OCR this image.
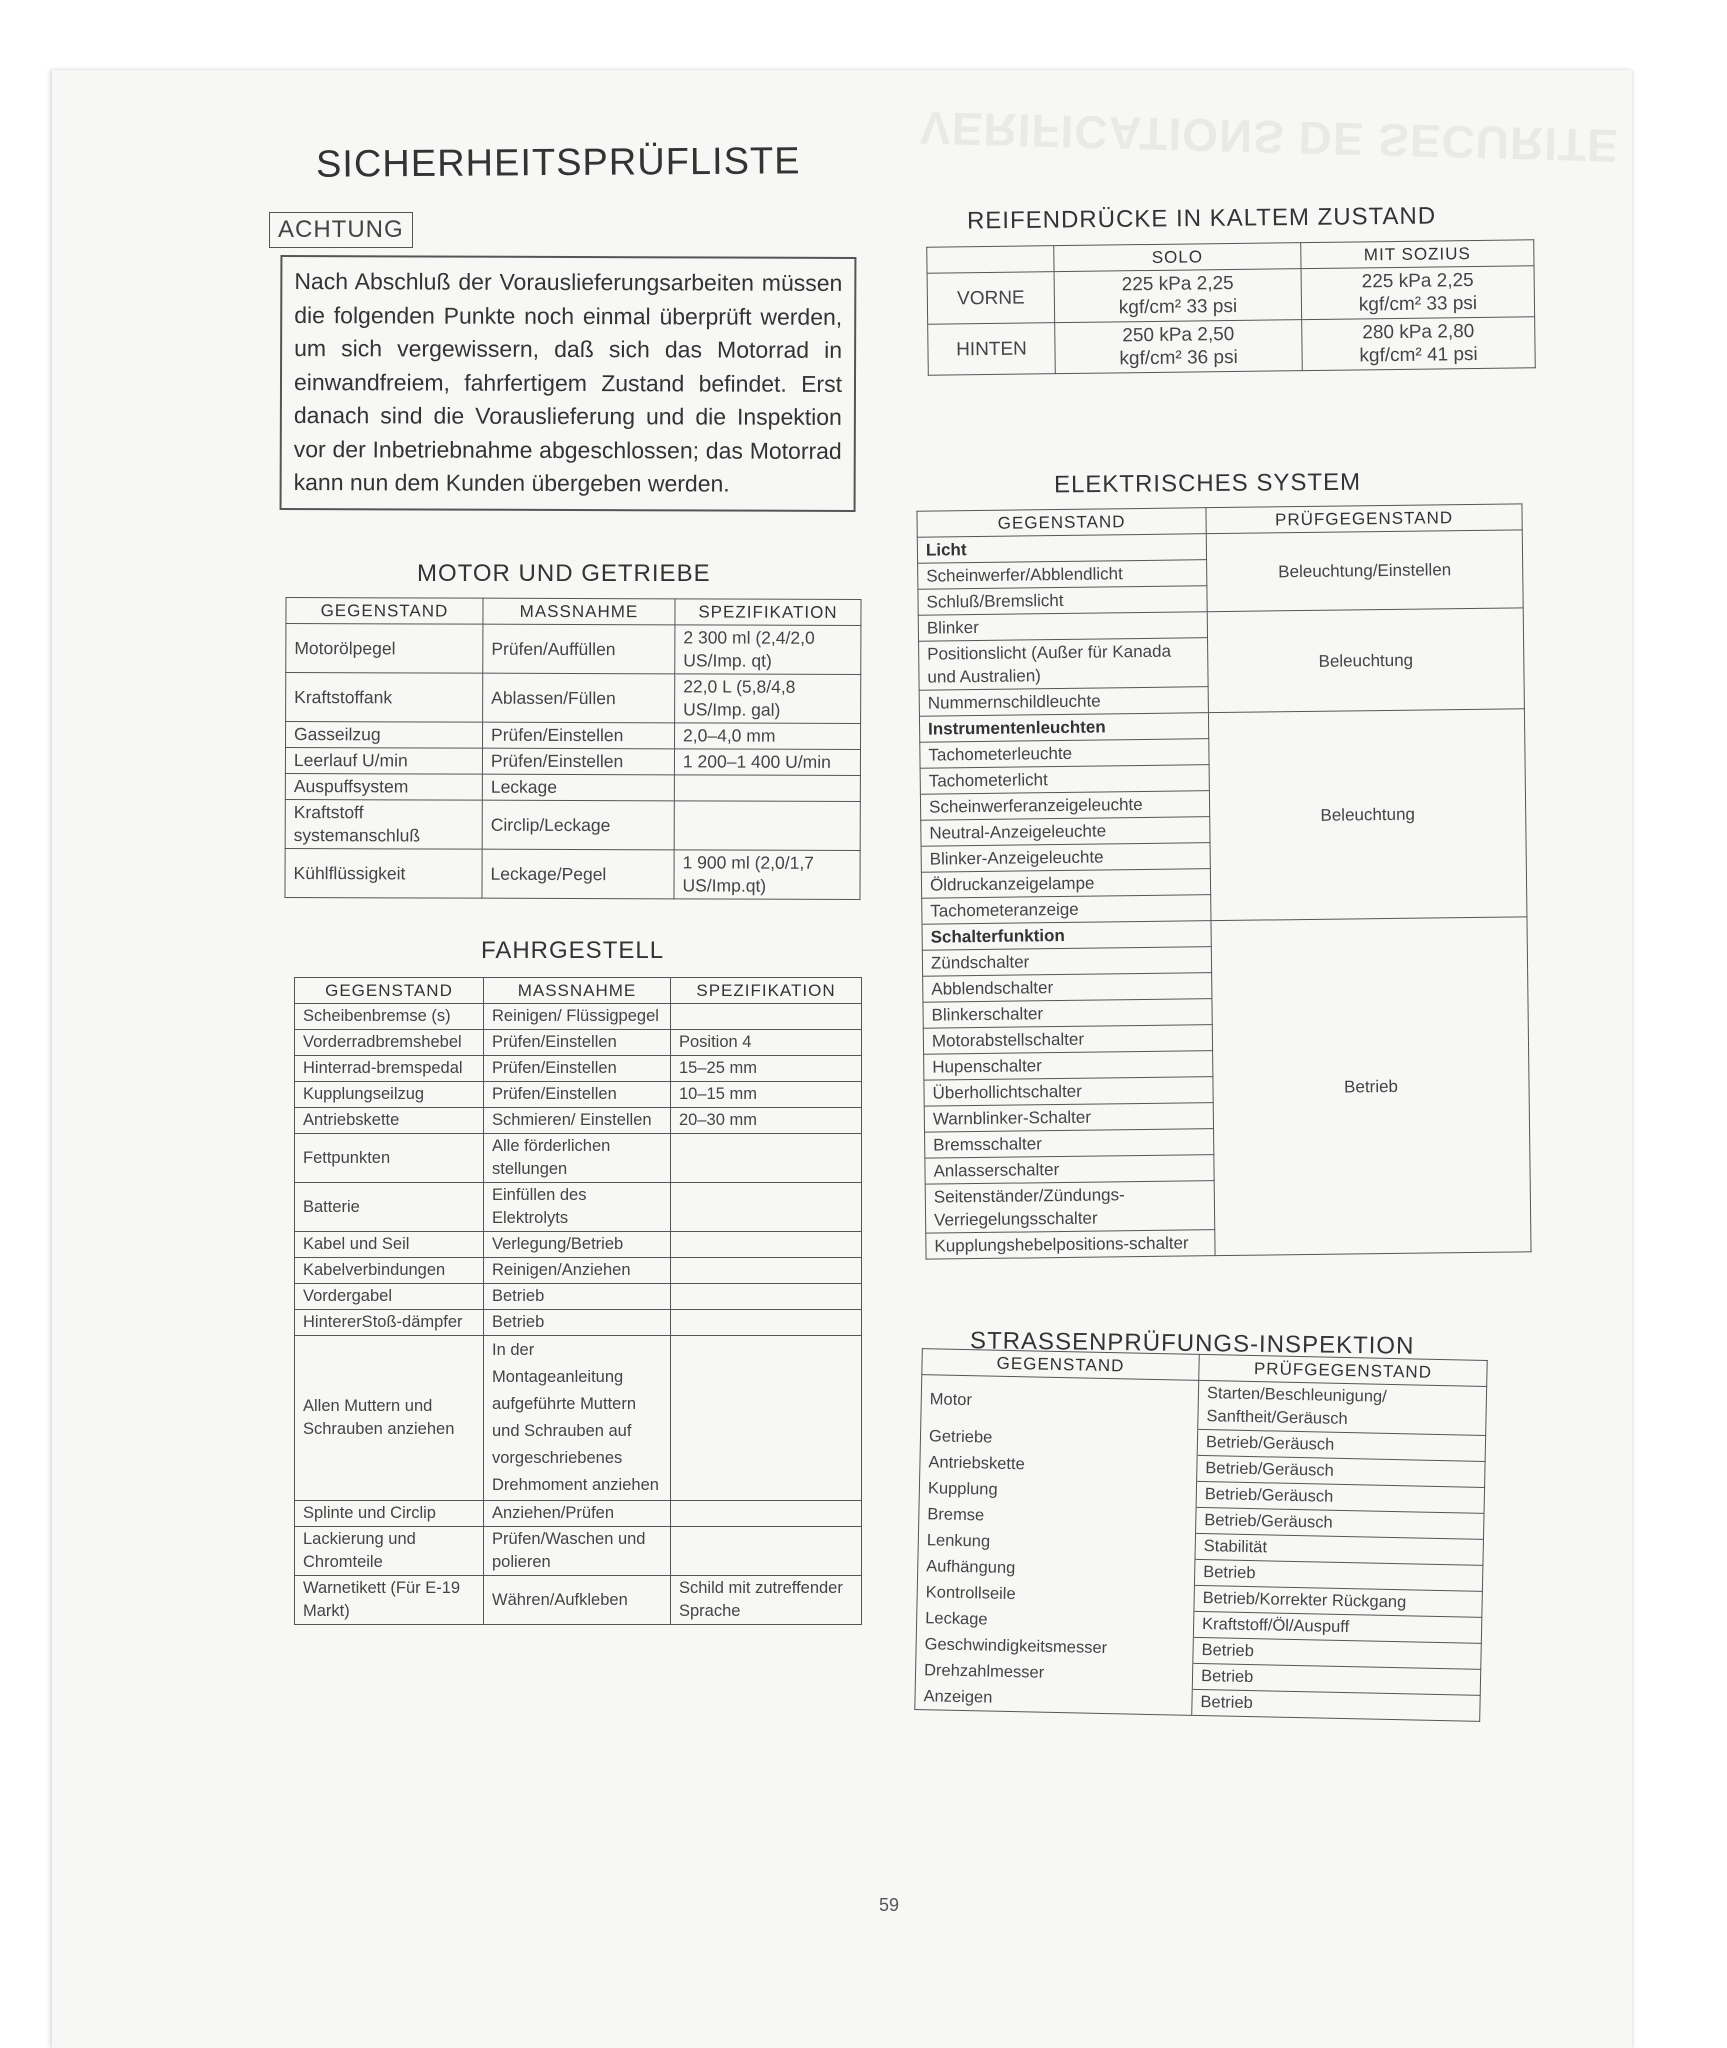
VERIFICATIONS DE SECURITE
SICHERHEITSPRÜFLISTE
ACHTUNG
Nach Abschluß der Vorauslieferungsarbeiten müssen die folgenden Punkte noch einmal überprüft werden, um sich vergewissern, daß sich das Motorrad in einwandfreiem, fahrfertigem Zustand befindet. Erst danach sind die Vorauslieferung und die Inspektion vor der Inbetriebnahme abgeschlossen; das Motorrad kann nun dem Kunden übergeben werden.
MOTOR UND GETRIEBE
GEGENSTAND	MASSNAHME	SPEZIFIKATION
Motorölpegel	Prüfen/Auffüllen	2 300 ml (2,4/2,0 US/Imp. qt)
Kraftstoffank	Ablassen/Füllen	22,0 L (5,8/4,8 US/Imp. gal)
Gasseilzug	Prüfen/Einstellen	2,0–4,0 mm
Leerlauf U/min	Prüfen/Einstellen	1 200–1 400 U/min
Auspuffsystem	Leckage	
Kraftstoff systemanschluß	Circlip/Leckage	
Kühlflüssigkeit	Leckage/Pegel	1 900 ml (2,0/1,7 US/Imp.qt)
FAHRGESTELL
GEGENSTAND	MASSNAHME	SPEZIFIKATION
Scheibenbremse (s)	Reinigen/ Flüssigpegel	
Vorderradbremshebel	Prüfen/Einstellen	Position 4
Hinterrad-bremspedal	Prüfen/Einstellen	15–25 mm
Kupplungseilzug	Prüfen/Einstellen	10–15 mm
Antriebskette	Schmieren/ Einstellen	20–30 mm
Fettpunkten	Alle förderlichen stellungen	
Batterie	Einfüllen des Elektrolyts	
Kabel und Seil	Verlegung/Betrieb	
Kabelverbindungen	Reinigen/Anziehen	
Vordergabel	Betrieb	
HintererStoß-dämpfer	Betrieb	
Allen Muttern und Schrauben anziehen	In der Montageanleitung aufgeführte Muttern und Schrauben auf vorgeschriebenes Drehmoment anziehen	
Splinte und Circlip	Anziehen/Prüfen	
Lackierung und Chromteile	Prüfen/Waschen und polieren	
Warnetikett (Für E-19 Markt)	Währen/Aufkleben	Schild mit zutreffender Sprache
REIFENDRÜCKE IN KALTEM ZUSTAND
	SOLO	MIT SOZIUS
VORNE	225 kPa 2,25 kgf/cm² 33 psi	225 kPa 2,25 kgf/cm² 33 psi
HINTEN	250 kPa 2,50 kgf/cm² 36 psi	280 kPa 2,80 kgf/cm² 41 psi
ELEKTRISCHES SYSTEM
GEGENSTAND	PRÜFGEGENSTAND
Licht	Beleuchtung/Einstellen
Scheinwerfer/Abblendlicht	
Schluß/Bremslicht	
Blinker	Beleuchtung
Positionslicht (Außer für Kanada und Australien)	
Nummernschildleuchte	
Instrumentenleuchten	Beleuchtung
Tachometerleuchte	
Tachometerlicht	
Scheinwerferanzeigeleuchte	
Neutral-Anzeigeleuchte	
Blinker-Anzeigeleuchte	
Öldruckanzeigelampe	
Tachometeranzeige	
Schalterfunktion	Betrieb
Zündschalter	
Abblendschalter	
Blinkerschalter	
Motorabstellschalter	
Hupenschalter	
Überhollichtschalter	
Warnblinker-Schalter	
Bremsschalter	
Anlasserschalter	
Seitenständer/Zündungs-Verriegelungsschalter	
Kupplungshebelpositions-schalter	
STRASSENPRÜFUNGS-INSPEKTION
GEGENSTAND	PRÜFGEGENSTAND
Motor	Starten/Beschleunigung/ Sanftheit/Geräusch
Getriebe	Betrieb/Geräusch
Antriebskette	Betrieb/Geräusch
Kupplung	Betrieb/Geräusch
Bremse	Betrieb/Geräusch
Lenkung	Stabilität
Aufhängung	Betrieb
Kontrollseile	Betrieb/Korrekter Rückgang
Leckage	Kraftstoff/Öl/Auspuff
Geschwindigkeitsmesser	Betrieb
Drehzahlmesser	Betrieb
Anzeigen	Betrieb
59
